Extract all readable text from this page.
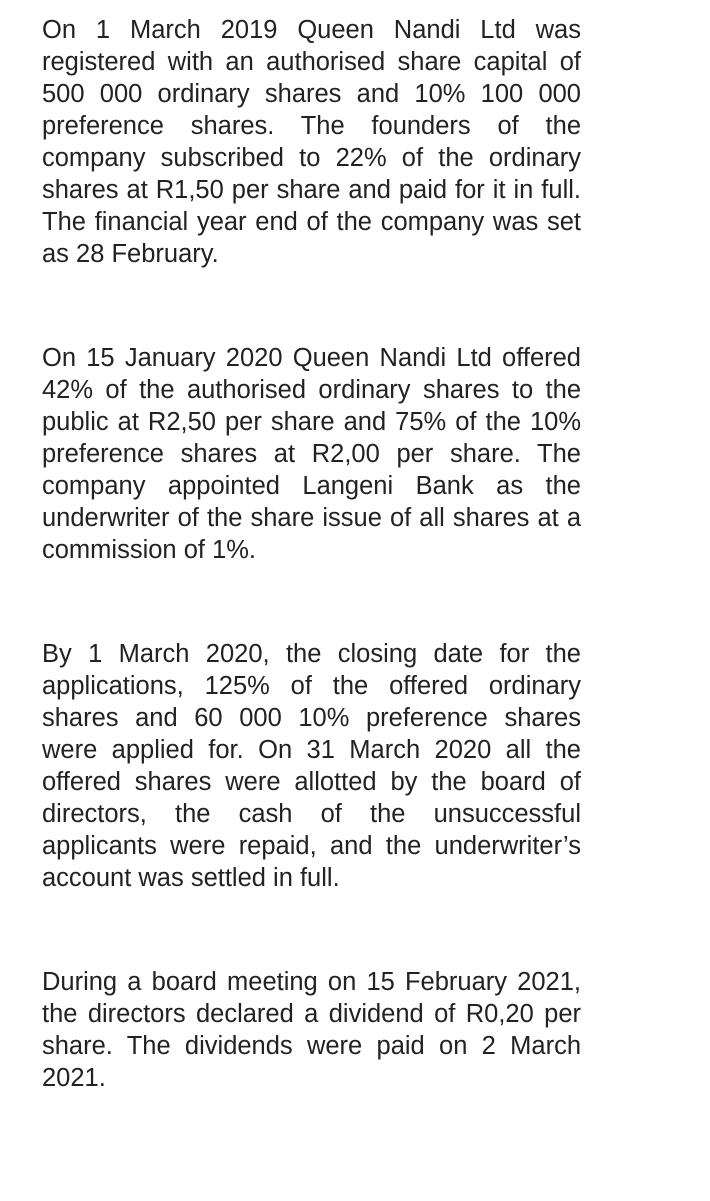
On 1 March 2019 Queen Nandi Ltd was registered with an authorised share capital of 500 000 ordinary shares and 10% 100 000 preference shares. The founders of the company subscribed to 22% of the ordinary shares at R1,50 per share and paid for it in full. The financial year end of the company was set as 28 February.

On 15 January 2020 Queen Nandi Ltd offered 42% of the authorised ordinary shares to the public at R2,50 per share and 75% of the 10% preference shares at R2,00 per share. The company appointed Langeni Bank as the underwriter of the share issue of all shares at a commission of 1%.

By 1 March 2020, the closing date for the applications, 125% of the offered ordinary shares and 60 000 10% preference shares were applied for. On 31 March 2020 all the offered shares were allotted by the board of directors, the cash of the unsuccessful applicants were repaid, and the underwriter’s account was settled in full.

During a board meeting on 15 February 2021, the directors declared a dividend of R0,20 per share. The dividends were paid on 2 March 2021.
